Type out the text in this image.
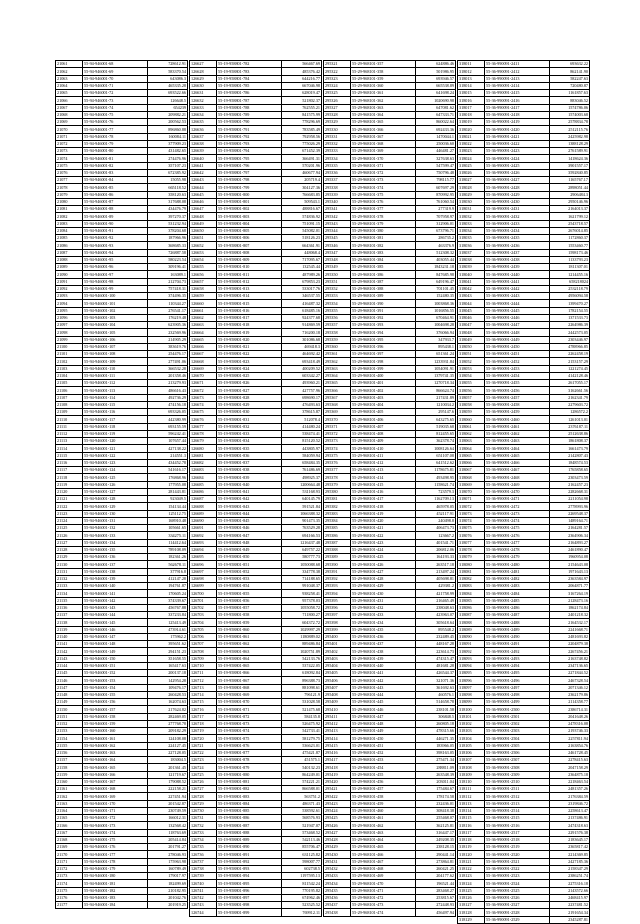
21061	55-94-946001-68	728612.91
21062	55-94-946001-69	583370.54
21063	55-94-946001-70	643086.3
21064	55-94-946001-71	465335.28
21065	55-94-946001-72	693522.66
21066	55-94-946001-73	126648.5
21067	55-94-946001-74	654239
21068	55-94-946001-75	209882.21
21069	55-94-946001-76	200562.53
21070	55-94-946001-77	896860.88
21071	55-94-946001-78	160084.11
21072	55-94-946001-79	377909.23
21073	55-94-946001-80	431482.65
21074	55-94-946001-81	274476.96
21075	55-94-946001-82	357107.23
21076	55-94-946001-83	672385.92
21077	55-94-946001-84	15055.98
21078	55-94-946001-85	665118.52
21079	55-94-946001-86	358120.63
21080	55-94-946001-87	317688.08
21081	55-94-946001-88	434476.79
21082	55-94-946001-89	397270.37
21083	55-94-946001-90	531232.94
21084	55-94-946001-91	378204.68
21085	55-94-946001-92	187966.96
21086	55-94-946001-93	368685.33
21087	55-94-946001-94	726887.58
21088	55-94-946001-95	580223.54
21089	55-94-946001-96	309196.41
21090	55-94-946001-97	163089.1
21091	55-94-946001-98	212704.73
21092	55-94-946001-99	757418.31
21093	55-94-946001-100	374496.35
21094	55-94-946001-101	110344.27
21095	55-94-946001-102	276541.17
21096	55-94-946001-103	176219.48
21097	55-94-946001-104	623905.36
21098	55-94-946001-105	232569.96
21099	55-94-946001-106	214905.29
21100	55-94-946001-107	383619.76
21101	55-94-946001-108	254476.17
21102	55-94-946001-109	277491.06
21103	55-94-946001-110	366532.28
21104	55-94-946001-111	201358.46
21105	55-94-946001-112	213279.93
21106	55-94-946001-113	486616.43
21107	55-94-946001-114	492736.29
21108	55-94-946001-115	474156.18
21109	55-94-946001-116	693326.05
21110	55-94-946001-117	442380.99
21111	55-94-946001-118	693155.59
21112	55-94-946001-119	596242.41
21113	55-94-946001-120	107657.44
21114	55-94-946001-121	427138.22
21115	55-94-946001-122	214551.3
21116	55-94-946001-123	434452.78
21117	55-94-946001-124	541616.17
21118	55-94-946001-125	176868.96
21119	55-94-946001-126	177955.08
21120	55-94-946001-127	281443.81
21121	55-94-946001-128	923049.5
21122	55-94-946001-129	154134.44
21123	55-94-946001-130	125112.75
21124	55-94-946001-131	168910.48
21125	55-94-946001-132	105661.65
21126	55-94-946001-133	334275.11
21127	55-94-946001-134	114412.64
21128	55-94-946001-135	789108.09
21129	55-94-946001-136	182361.26
21130	55-94-946001-137	562678.11
21131	55-94-946001-138	377916.8
21132	55-94-946001-139	412147.28
21133	55-94-946001-140	194761.87
21134	55-94-946001-141	170605.24
21135	55-94-946001-142	374339.67
21136	55-94-946001-143	456767.88
21137	55-94-946001-144	337233.84
21138	55-94-946001-145	125413.49
21139	55-94-946001-146	473914.61
21140	55-94-946001-147	175962.2
21141	55-94-946001-148	395651.62
21142	55-94-946001-149	294151.23
21143	55-94-946001-150	351658.55
21144	55-94-946001-151	165417.63
21145	55-94-946001-152	200137.18
21146	55-94-946001-153	142954.28
21147	55-94-946001-154	109476.17
21148	55-94-946001-155	260428.53
21149	55-94-946001-156	162074.63
21150	55-94-946001-157	217624.82
21151	55-94-946001-158	282469.05
21152	55-94-946001-159	277768.78
21153	55-94-946001-160	209182.29
21154	55-94-946001-161	124108.08
21155	55-94-946001-162	224127.45
21156	55-94-946001-163	227128.05
21157	55-94-946001-164	183004.5
21158	55-94-946001-165	201361.45
21159	55-94-946001-166	121719.67
21160	55-94-946001-167	179088.52
21161	55-94-946001-168	222158.21
21162	55-94-946001-169	227451.94
21163	55-94-946001-170	201542.87
21164	55-94-946001-171	230749.59
21165	55-94-946001-172	166012.31
21166	55-94-946001-173	132568.42
21167	55-94-946001-174	118763.69
21168	55-94-946001-175	205414.84
21169	55-94-946001-176	201791.27
21170	55-94-946001-177	278046.93
21171	55-94-946001-178	175963.98
21172	55-94-946001-179	160789.49
21173	55-94-946001-180	179017.97
21174	55-94-946001-181	182499.69
21175	55-94-946001-182	210182.95
21176	55-94-946001-183	201042.76
21177	55-94-946001-184	201919.25
126627	55-19-958801-782	566467.69
126628	55-19-958801-783	485376.42
126629	55-19-958801-784	644216.77
126630	55-19-958801-785	667046.98
126631	55-19-958801-786	628019.47
126632	55-19-958801-787	521802.37
126633	55-19-958801-788	762555.21
126634	55-19-958801-789	841575.99
126635	55-19-958801-790	778296.69
126636	55-19-958801-791	783585.49
126637	55-19-958801-792	792958.56
126638	55-19-958801-793	775026.29
126639	55-19-958801-794	671452.39
126640	55-19-958801-795	366491.31
126641	55-19-958801-796	570201.96
126642	55-19-958801-797	460677.94
126643	55-19-958801-798	205719.4
126644	55-19-958801-799	304127.36
126645	55-19-958801-800	766683.85
126646	55-19-958801-801	509543.1
126647	55-19-958801-802	488816.67
126648	55-19-958801-803	574836.92
126649	55-19-958801-804	751091.15
126650	55-19-958801-805	545082.01
126651	55-19-958801-806	518126.23
126652	55-19-958801-807	664361.91
126653	55-19-958801-808	448068.4
126654	55-19-958801-809	717095.67
126655	55-19-958801-810	132545.44
126656	55-19-958801-811	487989.26
126657	55-19-958801-812	679853.23
126658	55-19-958801-813	533017.76
126659	55-19-958801-814	346537.55
126660	55-19-958801-815	416487.32
126661	55-19-958801-816	618485.16
126662	55-19-958801-817	924377.68
126663	55-19-958801-818	914869.59
126664	55-19-958801-819	716200.18
126665	55-19-958801-820	301086.68
126666	55-19-958801-821	469418.3
126667	55-19-958801-822	464692.42
126668	55-19-958801-823	693418.49
126669	55-19-958801-824	400209.52
126670	55-19-958801-825	603342.27
126671	55-19-958801-826	493960.21
126672	55-19-958801-827	427757.96
126673	55-19-958801-828	698690.17
126674	55-19-958801-829	476493.63
126675	55-19-958801-830	378615.87
126676	55-19-958801-831	512078.4
126677	55-19-958801-832	414480.24
126678	55-19-958801-833	538474.41
126679	55-19-958801-834	815120.52
126680	55-19-958801-835	443805.97
126681	55-19-958801-836	584059.94
126682	55-19-958801-837	658484.35
126683	55-19-958801-838	761486.69
126684	55-19-958801-839	498925.37
126685	55-19-958801-840	1200664.48
126686	55-19-958801-841	531168.93
126687	55-19-958801-842	640145.79
126688	55-19-958801-843	591521.84
126689	55-19-958801-844	1066388.32
126690	55-19-958801-845	901473.35
126691	55-19-958801-846	763529.28
126692	55-19-958801-847	694166.53
126693	55-19-958801-848	1216437.48
126694	55-19-958801-849	649757.22
126695	55-19-958801-850	580777.73
126696	55-19-958801-851	1050088.68
126697	55-19-958801-852	334778.38
126698	55-19-958801-853	714188.65
126699	55-19-958801-854	991048.37
126700	55-19-958801-855	938258.41
126701	55-19-958801-856	957378.03
126702	55-19-958801-857	1055058.72
126703	55-19-958801-858	711800.27
126704	55-19-958801-859	604372.72
126705	55-19-958801-860	1029997.29
126706	55-19-958801-861	1180889.02
126707	55-19-958801-862	889486.84
126708	55-19-958801-863	1020751.89
126709	55-19-958801-864	542133.76
126710	55-19-958801-865	537422.05
126711	55-19-958801-866	618092.84
126712	55-19-958801-867	896388.73
126713	55-19-958801-868	881098.61
126714	55-19-958801-869	796121.9
126715	55-19-958801-870	531028.58
126716	55-19-958801-871	521475.68
126717	55-19-958801-872	584135.8
126718	55-19-958801-873	526475.92
126719	55-19-958801-874	542733.41
126720	55-19-958801-875	581279.75
126721	55-19-958801-876	536623.01
126722	55-19-958801-877	475421.87
126723	55-19-958801-878	451575.1
126724	55-19-958801-879	540132.23
126725	55-19-958801-880	864249.01
126726	55-19-958801-881	574221.21
126727	55-19-958801-882	866588.01
126728	55-19-958801-883	563751.2
126729	55-19-958801-884	486371.43
126730	55-19-958801-885	538592.61
126731	55-19-958801-886	568576.93
126732	55-19-958801-887	521947.07
126733	55-19-958801-888	573468.52
126734	55-19-958801-889	542113.46
126735	55-19-958801-890	855706.47
126736	55-19-958801-891	631125.82
126737	55-19-958801-892	598007.77
126738	55-19-958801-893	602738.5
126739	55-19-958801-894	1197595.13
126740	55-19-958801-895	811542.24
126741	55-19-958801-896	770195.82
126742	55-19-958801-897	674962.46
126743	55-19-958801-898	523525.52
126744	55-19-958801-899	769912.11
295321	55-29-968101-357	624886.46
295322	55-29-968101-358	501986.95
295323	55-29-968101-359	693946.57
295324	55-29-968101-360	665538.89
295325	55-29-968101-361	641698.24
295326	55-29-968101-362	1020690.98
295327	55-29-968101-363	647081.62
295328	55-29-968101-364	647333.71
295329	55-29-968101-365	860022.64
295330	55-29-968101-366	692433.36
295331	55-29-968101-367	1470044.1
295332	55-29-968101-368	250036.60
295333	55-29-968101-369	446481.27
295334	55-29-968101-370	327638.63
295335	55-29-968101-371	547599.47
295336	55-29-968101-372	750796.48
295337	55-29-968101-373	798115.77
295338	55-29-968101-374	607697.29
295339	55-29-968101-375	870992.95
295340	55-29-968101-376	761060.54
295341	55-29-968101-377	277319.9
295342	55-29-968101-378	707958.97
295343	55-29-968101-379	312906.01
295344	55-29-968101-380	673796.71
295345	55-29-968101-381	286735.2
295346	55-29-968101-382	463376.9
295347	55-29-968101-383	512308.32
295348	55-29-968101-384	403055.44
295349	55-29-968101-385	1843231.18
295350	55-29-968101-386	847685.98
295351	55-29-968101-387	649196.47
295352	55-29-968101-388	701101.45
295353	55-29-968101-389	152480.35
295354	55-29-968101-390	1003868.36
295355	55-29-968101-391	1016856.55
295356	55-29-968101-392	670464.91
295357	55-29-968101-393	1004698.28
295358	55-29-968101-394	376066.94
295359	55-29-968101-395	347933.7
295360	55-29-968101-396	895438.1
295361	55-29-968101-397	651361.24
295362	55-29-968101-398	1233931.84
295363	55-29-968101-399	1054091.91
295364	55-29-968101-400	1379741.35
295365	55-29-968101-401	1270718.34
295366	55-29-968101-402	866624.74
295367	55-29-968101-403	217431.89
295368	55-29-968101-404	1210034.2
295369	55-29-968101-405	295147.6
295370	55-29-968101-406	643275.65
295371	55-29-968101-407	519035.68
295372	55-29-968101-408	812455.65
295373	55-29-968101-409	362378.74
295374	55-29-968101-410	1008126.64
295375	55-29-968101-411	651107.08
295376	55-29-968101-412	641512.62
295377	55-29-968101-413	1178675.81
295378	55-29-968101-414	493498.95
295379	55-29-968101-415	1158621.74
295380	55-29-968101-416	723579.3
295381	55-29-968101-417	1162709.13
295382	55-29-968101-418	465978.05
295383	55-29-968101-419	452117.91
295384	55-29-968101-420	240498.8
295385	55-29-968101-421	406473.73
295386	55-29-968101-422	123667.2
295387	55-29-968101-423	401541.71
295388	55-29-968101-424	206812.06
295389	55-29-968101-425	164193.33
295390	55-29-968101-426	263517.18
295391	55-29-968101-427	213497.24
295392	55-29-968101-428	405698.81
295393	55-29-968101-429	429381.2
295394	55-29-968101-430	421758.99
295395	55-29-968101-431	216465.49
295396	55-29-968101-432	238048.63
295397	55-29-968101-433	423963.07
295398	55-29-968101-434	305618.64
295399	55-29-968101-435	895548.2
295400	55-29-968101-436	232489.45
295401	55-29-968101-437	448167.28
295402	55-29-968101-438	223614.73
295403	55-29-968101-439	474315.47
295404	55-29-968101-440	481681.28
295405	55-29-968101-441	426544.37
295406	55-29-968101-442	321071.36
295407	55-29-968101-443	361692.63
295408	55-29-968101-444	460576.1
295409	55-29-968101-445	514658.78
295410	55-29-968101-446	238101.58
295411	55-29-968101-447	306848.5
295412	55-29-968101-448	260805.18
295413	55-29-968101-449	478315.66
295414	55-29-968101-450	446271.35
295415	55-29-968101-451	183966.05
295416	55-29-968101-452	398163.05
295417	55-29-968101-453	275471.34
295418	55-29-968101-454	288811.09
295419	55-29-968101-455	263548.39
295420	55-29-968101-456	203011.04
295421	55-29-968101-457	175484.67
295422	55-29-968101-458	178174.58
295423	55-29-968101-459	232436.01
295424	55-29-968101-460	308418.38
295425	55-29-968101-461	255468.07
295426	55-29-968101-462	362125.81
295427	55-29-968101-463	316447.17
295428	55-29-968101-464	249208.35
295429	55-29-968101-465	238128.15
295430	55-29-968101-466	290441.14
295431	55-29-968101-467	273864.81
295432	55-29-968101-468	260421.25
295433	55-29-968101-469	204177.62
295434	55-29-968101-470	196521.44
295435	55-29-968101-471	283468.27
295436	55-29-968101-472	253815.67
295437	55-29-968101-473	272448.93
295438	55-29-968101-474	456497.94
318011	55-36-990091-2411	693632.22
318012	55-36-990091-2412	862141.90
318013	55-36-990091-2413	582247.63
318014	55-36-990091-2414	720480.87
318015	55-36-990091-2415	1161857.63
318016	55-36-990091-2416	883046.52
318017	55-36-990091-2417	1574786.06
318018	55-36-990091-2418	1574003.68
318019	55-36-990091-2419	2578834.78
318020	55-36-990091-2420	2512115.76
318021	55-36-990091-2421	2425982.98
318022	55-36-990091-2422	1388128.29
318023	55-36-990091-2423	2761589.91
318024	55-36-990091-2424	1418624.36
318025	55-36-990091-2425	3901557.17
318026	55-36-990091-2426	3592840.85
318027	55-36-990091-2427	1165767.17
318028	55-36-990091-2428	2898051.44
318029	55-36-990091-2429	2906484.3
318030	55-36-990091-2430	2950146.96
318031	55-36-990091-2431	2164013.37
318032	55-36-990091-2432	1621799.12
318033	55-36-990091-2433	2543718.57
318034	55-36-990091-2434	2676014.85
318035	55-36-990091-2435	1172860.37
318036	55-36-990091-2436	1553460.77
318037	55-36-990091-2437	1598173.46
318038	55-36-990091-2438	1133793.23
318039	55-36-990091-2439	1811307.01
318040	55-36-990091-2440	1214455.16
318041	55-36-990091-2441	658218024
318042	55-36-990091-2442	2532118.79
318043	55-36-990091-2443	4956094.58
318044	55-36-990091-2444	1399470.27
318045	55-36-990091-2445	1782154.55
318046	55-36-990091-2446	1371533.73
318047	55-36-990091-2447	2264986.39
318048	55-36-990091-2448	2442573.05
318049	55-36-990091-2449	2303446.97
318050	55-36-990091-2450	4788966.85
318051	55-36-990091-2451	2262458.19
318052	55-36-990091-2452	2153157.29
318053	55-36-990091-2453	1221274.45
318054	55-36-990091-2454	4142128.46
318055	55-36-990091-2455	2617055.17
318056	55-36-990091-2456	3162661.56
318057	55-36-990091-2457	2162341.79
318058	55-36-990091-2458	2279603.72
318059	55-36-990091-2459	1286572.2
318060	55-36-990091-2460	1261013.01
318061	55-36-990091-2461	2376187.11
318062	55-36-990091-2462	2512638.86
318063	55-36-990091-2463	1861808.37
318064	55-36-990091-2464	1661473.79
318065	55-36-990091-2465	2142807.43
318066	55-36-990091-2466	1848574.53
318067	55-36-990091-2467	1765858.65
318068	55-36-990091-2468	2303473.59
318069	55-36-990091-2469	2162457.23
318070	55-36-990091-2470	2282668.31
318071	55-36-990091-2471	2211054.98
318072	55-36-990091-2472	2778993.96
318073	55-36-990091-2473	2269548.37
318074	55-36-990091-2474	1489164.71
318075	55-36-990091-2475	2164281.57
318076	55-36-990091-2476	2364906.34
318077	55-36-990091-2477	2164893.27
318078	55-36-990091-2478	2461890.47
318079	55-36-990091-2479	1960954.08
318080	55-36-990091-2480	2154643.08
318081	55-36-990091-2481	1971643.13
318082	55-36-990091-2482	2363584.97
318083	55-36-990091-2483	2064871.77
318084	55-36-990091-2484	3167264.19
318085	55-36-990091-2485	2128473.16
318086	55-36-990091-2486	1862174.84
318087	55-36-990091-2487	2401218.32
318088	55-36-990091-2488	2164532.17
318089	55-36-990091-2489	2241668.71
318090	55-36-990091-2490	2481693.82
318091	55-36-990091-2491	2204879.38
318092	55-36-990091-2492	2267456.21
318093	55-36-990091-2493	2163748.82
318094	55-36-990091-2494	2347136.65
318095	55-36-990091-2495	2271844.52
318096	55-36-990091-2496	2467328.54
318097	55-36-990091-2497	2071346.12
318098	55-36-990091-2498	2362179.86
318099	55-36-990091-2499	2114358.77
318100	55-36-990091-2500	2386714.31
318101	55-36-990091-2501	2041648.26
318102	55-36-990091-2502	2478316.08
318103	55-36-990091-2503	2193746.33
318104	55-36-990091-2504	2257811.94
318105	55-36-990091-2505	2163854.76
318106	55-36-990091-2506	2461728.45
318107	55-36-990091-2507	2278415.63
318108	55-36-990091-2508	2047158.29
318109	55-36-990091-2509	2364875.18
318110	55-36-990091-2510	2218463.54
318111	55-36-990091-2511	2481357.26
318112	55-36-990091-2512	2176384.59
318113	55-36-990091-2513	2319846.72
318114	55-36-990091-2514	2258613.47
318115	55-36-990091-2515	2137486.91
318116	55-36-990091-2516	2474318.63
318117	55-36-990091-2517	2291576.38
318118	55-36-990091-2518	2183645.17
318119	55-36-990091-2519	2365817.42
318120	55-36-990091-2520	2214369.85
318121	55-36-990091-2521	2427185.36
318122	55-36-990091-2522	2158347.29
318123	55-36-990091-2523	2386251.74
318124	55-36-990091-2524	2275316.18
318125	55-36-990091-2525	2143572.66
318126	55-36-990091-2526	2468415.97
318127	55-36-990091-2527	2237481.52
318128	55-36-990091-2528	2191654.34
318129	55-36-990091-2529	2345287.81
